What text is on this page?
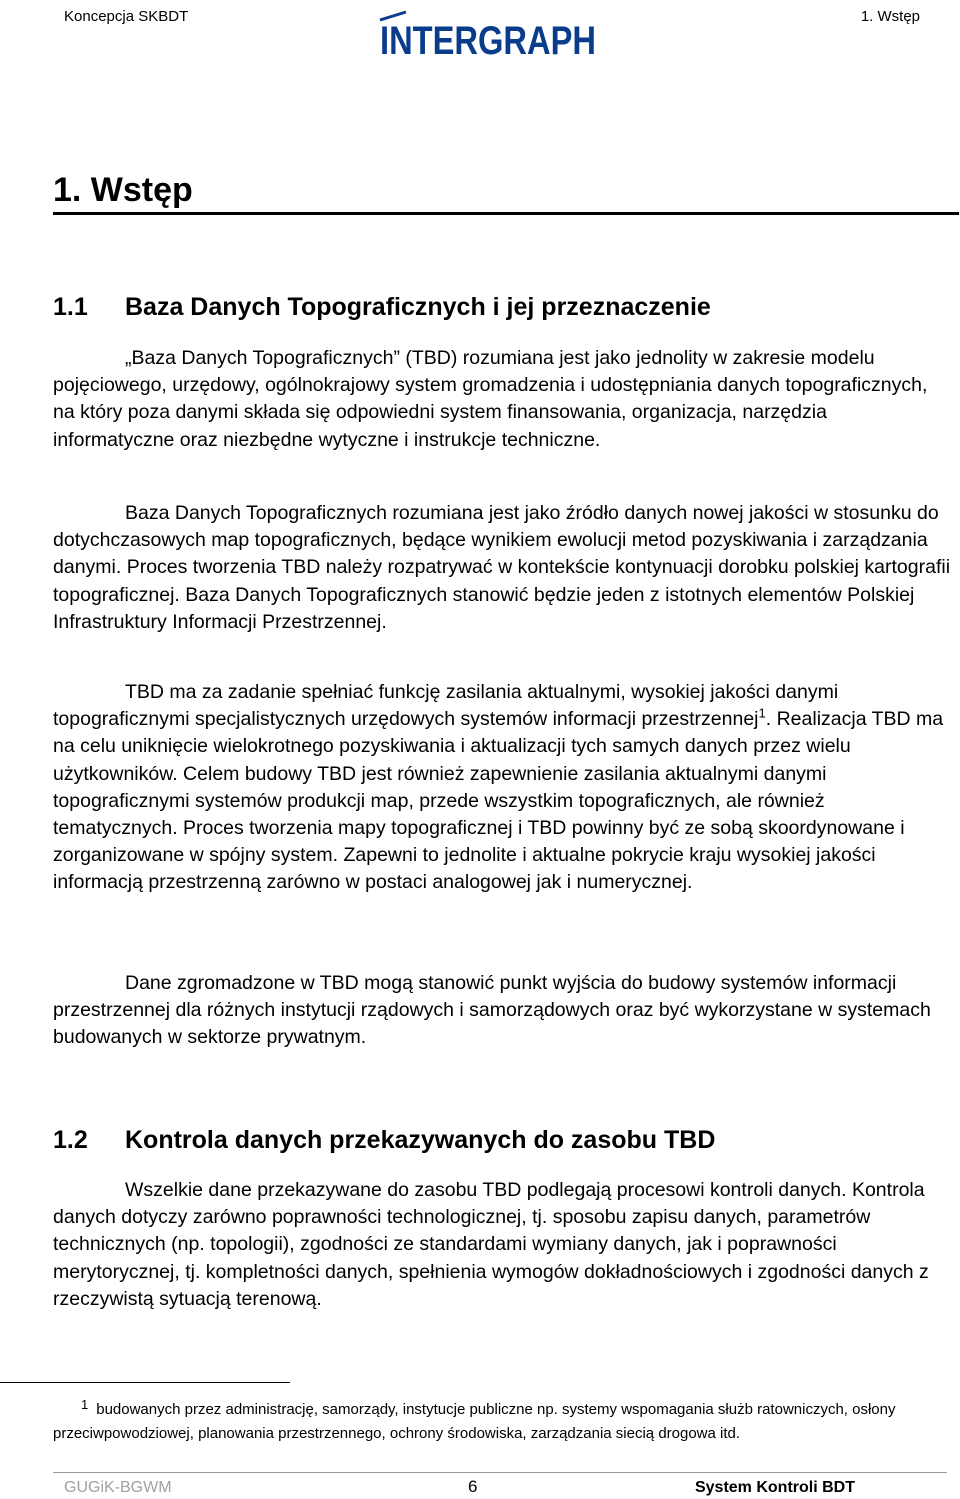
Koncepcja SKBDT
INTERGRAPH
1. Wstęp
1. Wstęp
1.1 Baza Danych Topograficznych i jej przeznaczenie

„Baza Danych Topograficznych” (TBD) rozumiana jest jako jednolity w zakresie modelu pojęciowego, urzędowy, ogólnokrajowy system gromadzenia i udostępniania danych topograficznych, na który poza danymi składa się odpowiedni system finansowania, organizacja, narzędzia informatyczne oraz niezbędne wytyczne i instrukcje techniczne.

Baza Danych Topograficznych rozumiana jest jako źródło danych nowej jakości w stosunku do dotychczasowych map topograficznych, będące wynikiem ewolucji metod pozyskiwania i zarządzania danymi. Proces tworzenia TBD należy rozpatrywać w kontekście kontynuacji dorobku polskiej kartografii topograficznej. Baza Danych Topograficznych stanowić będzie jeden z istotnych elementów Polskiej Infrastruktury Informacji Przestrzennej.

TBD ma za zadanie spełniać funkcję zasilania aktualnymi, wysokiej jakości danymi topograficznymi specjalistycznych urzędowych systemów informacji przestrzennej$^1$. Realizacja TBD ma na celu uniknięcie wielokrotnego pozyskiwania i aktualizacji tych samych danych przez wielu użytkowników. Celem budowy TBD jest również zapewnienie zasilania aktualnymi danymi topograficznymi systemów produkcji map, przede wszystkim topograficznych, ale również tematycznych. Proces tworzenia mapy topograficznej i TBD powinny być ze sobą skoordynowane i zorganizowane w spójny system. Zapewni to jednolite i aktualne pokrycie kraju wysokiej jakości informacją przestrzenną zarówno w postaci analogowej jak i numerycznej.

Dane zgromadzone w TBD mogą stanowić punkt wyjścia do budowy systemów informacji przestrzennej dla różnych instytucji rządowych i samorządowych oraz być wykorzystane w systemach budowanych w sektorze prywatnym.

1.2 Kontrola danych przekazywanych do zasobu TBD

Wszelkie dane przekazywane do zasobu TBD podlegają procesowi kontroli danych. Kontrola danych dotyczy zarówno poprawności technologicznej, tj. sposobu zapisu danych, parametrów technicznych (np. topologii), zgodności ze standardami wymiany danych, jak i poprawności merytorycznej, tj. kompletności danych, spełnienia wymogów dokładnościowych i zgodności danych z rzeczywistą sytuacją terenową.

1 budowanych przez administrację, samorządy, instytucje publiczne np. systemy wspomagania służb ratowniczych, osłony przeciwpowodziowej, planowania przestrzennego, ochrony środowiska, zarządzania siecią drogowa itd.

GUGiK-BGWM	6	System Kontroli BDT
